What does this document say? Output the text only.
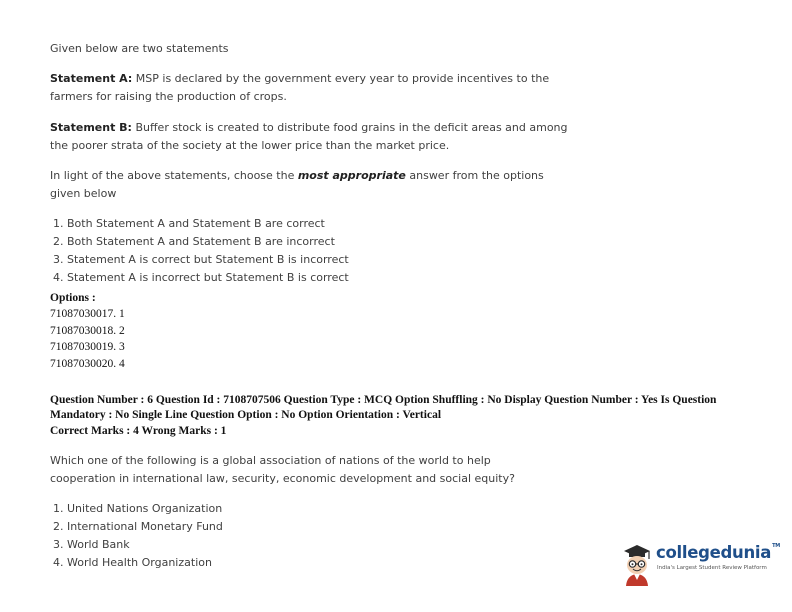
Given below are two statements

Statement A: MSP is declared by the government every year to provide incentives to the farmers for raising the production of crops.

Statement B: Buffer stock is created to distribute food grains in the deficit areas and among the poorer strata of the society at the lower price than the market price.

In light of the above statements, choose the most appropriate answer from the options given below

1. Both Statement A and Statement B are correct
2. Both Statement A and Statement B are incorrect
3. Statement A is correct but Statement B is incorrect
4. Statement A is incorrect but Statement B is correct
Options :
71087030017. 1
71087030018. 2
71087030019. 3
71087030020. 4
Question Number : 6 Question Id : 7108707506 Question Type : MCQ Option Shuffling : No Display Question Number : Yes Is Question
Mandatory : No Single Line Question Option : No Option Orientation : Vertical
Correct Marks : 4 Wrong Marks : 1

Which one of the following is a global association of nations of the world to help cooperation in international law, security, economic development and social equity?

1. United Nations Organization
2. International Monetary Fund
3. World Bank
4. World Health Organization
collegedunia™
India's Largest Student Review Platform
